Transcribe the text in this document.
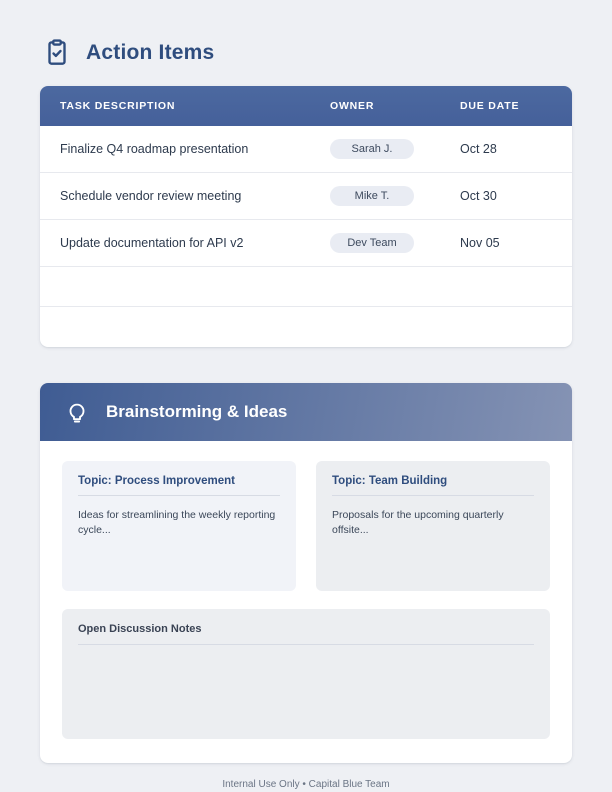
Action Items
TASK DESCRIPTION	OWNER	DUE DATE
Finalize Q4 roadmap presentation	Sarah J.	Oct 28
Schedule vendor review meeting	Mike T.	Oct 30
Update documentation for API v2	Dev Team	Nov 05

Brainstorming & Ideas
Topic: Process Improvement
Ideas for streamlining the weekly reporting cycle...
Topic: Team Building
Proposals for the upcoming quarterly offsite...
Open Discussion Notes
Internal Use Only • Capital Blue Team
